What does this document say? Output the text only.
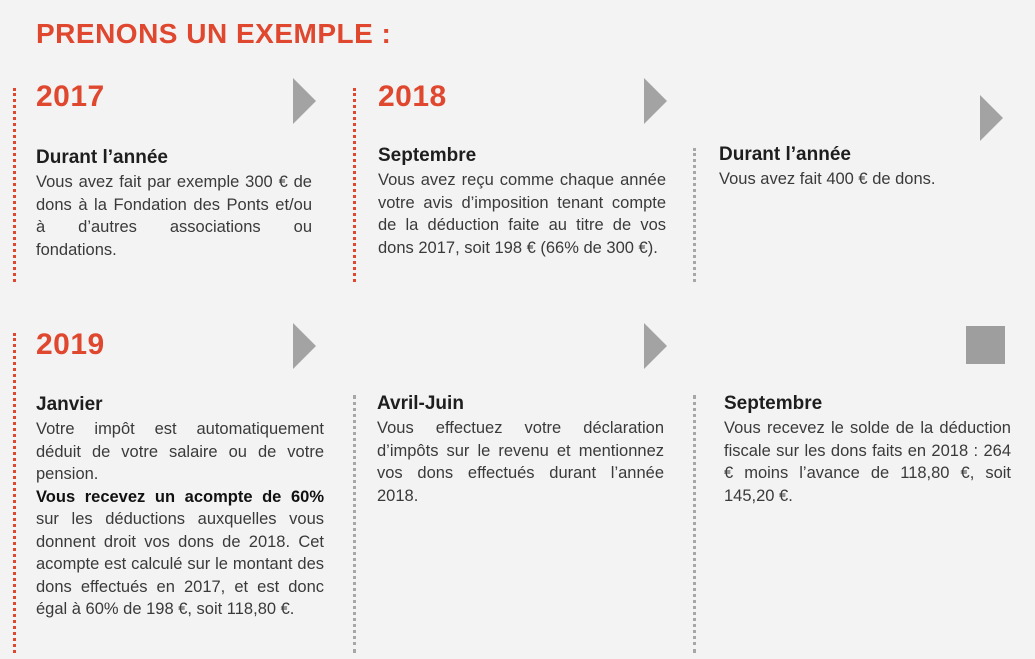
PRENONS UN EXEMPLE :
2017
Durant l’année

Vous avez fait par exemple 300 € de dons à la Fondation des Ponts et/ou à d’autres associations ou fondations.

2018
Septembre

Vous avez reçu comme chaque année votre avis d’imposition tenant compte de la déduction faite au titre de vos dons 2017, soit 198 € (66% de 300 €).

Durant l’année

Vous avez fait 400 € de dons.

2019
Janvier

Votre impôt est automatiquement déduit de votre salaire ou de votre pension.
Vous recevez un acompte de 60% sur les déductions auxquelles vous donnent droit vos dons de 2018. Cet acompte est calculé sur le montant des dons effectués en 2017, et est donc égal à 60% de 198 €, soit 118,80 €.

Avril-Juin

Vous effectuez votre déclaration d’impôts sur le revenu et mentionnez vos dons effectués durant l’année 2018.

Septembre

Vous recevez le solde de la déduction fiscale sur les dons faits en 2018 : 264 € moins l’avance de 118,80 €, soit 145,20 €.
